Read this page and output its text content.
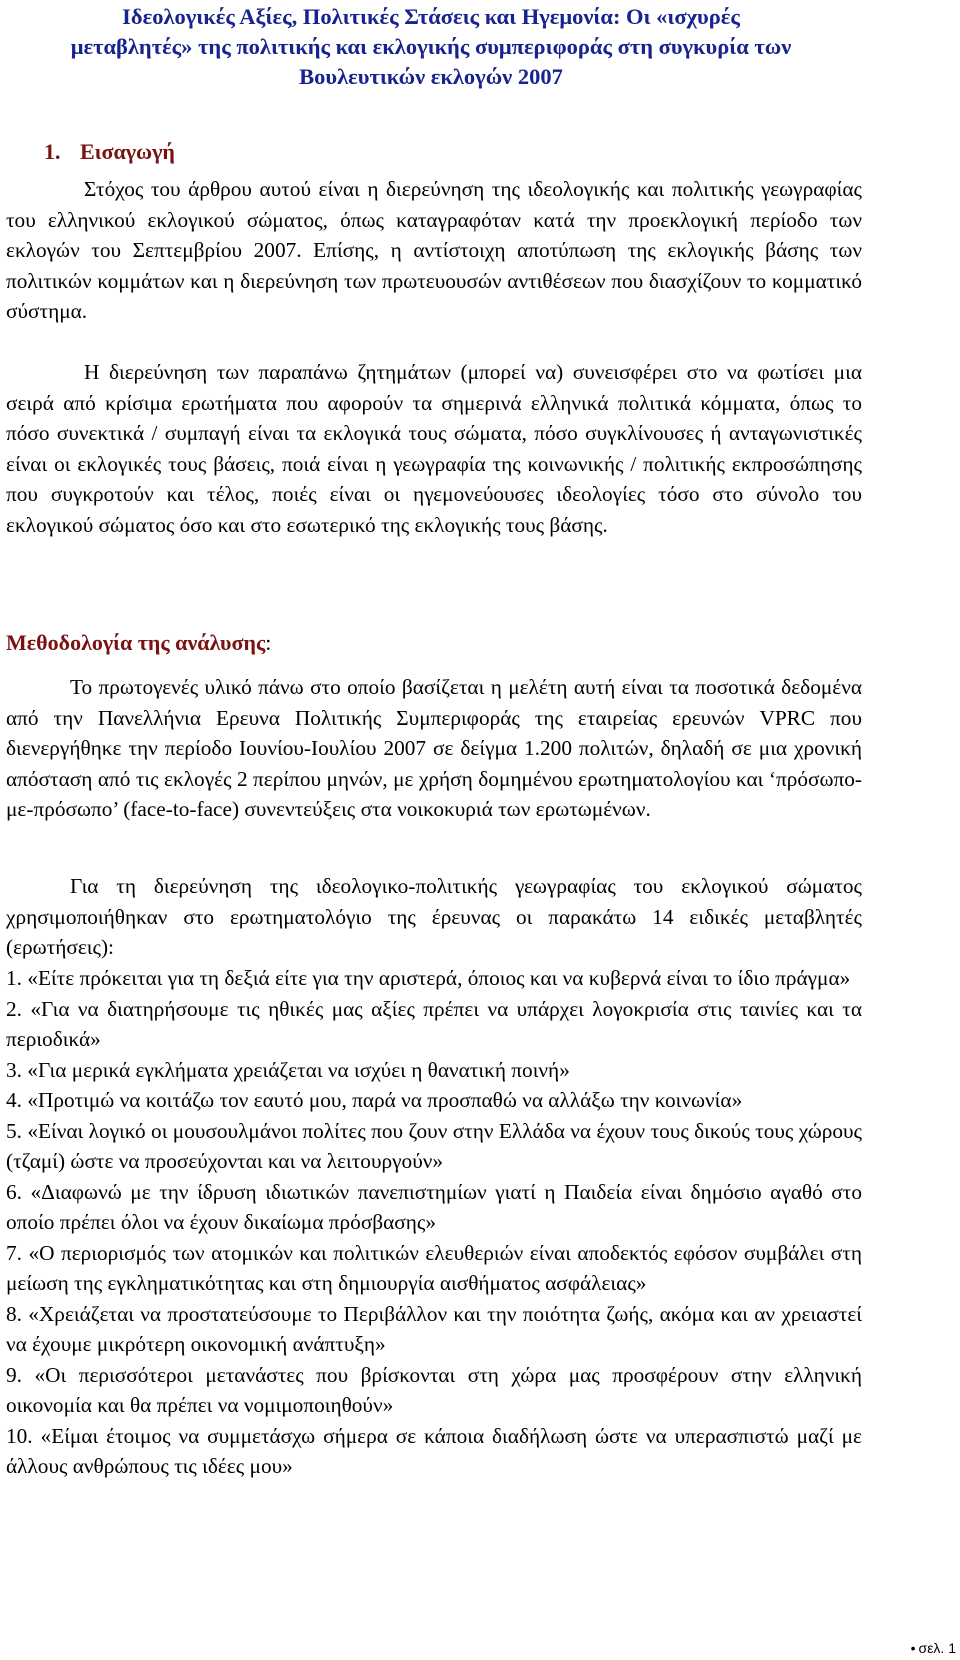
Ιδεολογικές Αξίες, Πολιτικές Στάσεις και Ηγεμονία: Οι «ισχυρές
μεταβλητές» της πολιτικής και εκλογικής συμπεριφοράς στη συγκυρία των
Βουλευτικών εκλογών 2007
1. Εισαγωγή

Στόχος του άρθρου αυτού είναι η διερεύνηση της ιδεολογικής και πολιτικής γεωγραφίας του ελληνικού εκλογικού σώματος, όπως καταγραφόταν κατά την προεκλογική περίοδο των εκλογών του Σεπτεμβρίου 2007. Επίσης, η αντίστοιχη αποτύπωση της εκλογικής βάσης των πολιτικών κομμάτων και η διερεύνηση των πρωτευουσών αντιθέσεων που διασχίζουν το κομματικό σύστημα.

Η διερεύνηση των παραπάνω ζητημάτων (μπορεί να) συνεισφέρει στο να φωτίσει μια σειρά από κρίσιμα ερωτήματα που αφορούν τα σημερινά ελληνικά πολιτικά κόμματα, όπως το πόσο συνεκτικά / συμπαγή είναι τα εκλογικά τους σώματα, πόσο συγκλίνουσες ή ανταγωνιστικές είναι οι εκλογικές τους βάσεις, ποιά είναι η γεωγραφία της κοινωνικής / πολιτικής εκπροσώπησης που συγκροτούν και τέλος, ποιές είναι οι ηγεμονεύουσες ιδεολογίες τόσο στο σύνολο του εκλογικού σώματος όσο και στο εσωτερικό της εκλογικής τους βάσης.

Μεθοδολογία της ανάλυσης:

Το πρωτογενές υλικό πάνω στο οποίο βασίζεται η μελέτη αυτή είναι τα ποσοτικά δεδομένα από την Πανελλήνια Ερευνα Πολιτικής Συμπεριφοράς της εταιρείας ερευνών VPRC που διενεργήθηκε την περίοδο Ιουνίου-Ιουλίου 2007 σε δείγμα 1.200 πολιτών, δηλαδή σε μια χρονική απόσταση από τις εκλογές 2 περίπου μηνών, με χρήση δομημένου ερωτηματολογίου και ‘πρόσωπο-με-πρόσωπο’ (face-to-face) συνεντεύξεις στα νοικοκυριά των ερωτωμένων.

Για τη διερεύνηση της ιδεολογικο-πολιτικής γεωγραφίας του εκλογικού σώματος χρησιμοποιήθηκαν στο ερωτηματολόγιο της έρευνας οι παρακάτω 14 ειδικές μεταβλητές (ερωτήσεις):

1. «Είτε πρόκειται για τη δεξιά είτε για την αριστερά, όποιος και να κυβερνά είναι το ίδιο πράγμα»
2. «Για να διατηρήσουμε τις ηθικές μας αξίες πρέπει να υπάρχει λογοκρισία στις ταινίες και τα περιοδικά»
3. «Για μερικά εγκλήματα χρειάζεται να ισχύει η θανατική ποινή»
4. «Προτιμώ να κοιτάζω τον εαυτό μου, παρά να προσπαθώ να αλλάξω την κοινωνία»
5. «Είναι λογικό οι μουσουλμάνοι πολίτες που ζουν στην Ελλάδα να έχουν τους δικούς τους χώρους (τζαμί) ώστε να προσεύχονται και να λειτουργούν»
6. «Διαφωνώ με την ίδρυση ιδιωτικών πανεπιστημίων γιατί η Παιδεία είναι δημόσιο αγαθό στο οποίο πρέπει όλοι να έχουν δικαίωμα πρόσβασης»
7. «Ο περιορισμός των ατομικών και πολιτικών ελευθεριών είναι αποδεκτός εφόσον συμβάλει στη μείωση της εγκληματικότητας και στη δημιουργία αισθήματος ασφάλειας»
8. «Χρειάζεται να προστατεύσουμε το Περιβάλλον και την ποιότητα ζωής, ακόμα και αν χρειαστεί να έχουμε μικρότερη οικονομική ανάπτυξη»
9. «Οι περισσότεροι μετανάστες που βρίσκονται στη χώρα μας προσφέρουν στην ελληνική οικονομία και θα πρέπει να νομιμοποιηθούν»
10. «Είμαι έτοιμος να συμμετάσχω σήμερα σε κάποια διαδήλωση ώστε να υπερασπιστώ μαζί με άλλους ανθρώπους τις ιδέες μου»
• σελ. 1
